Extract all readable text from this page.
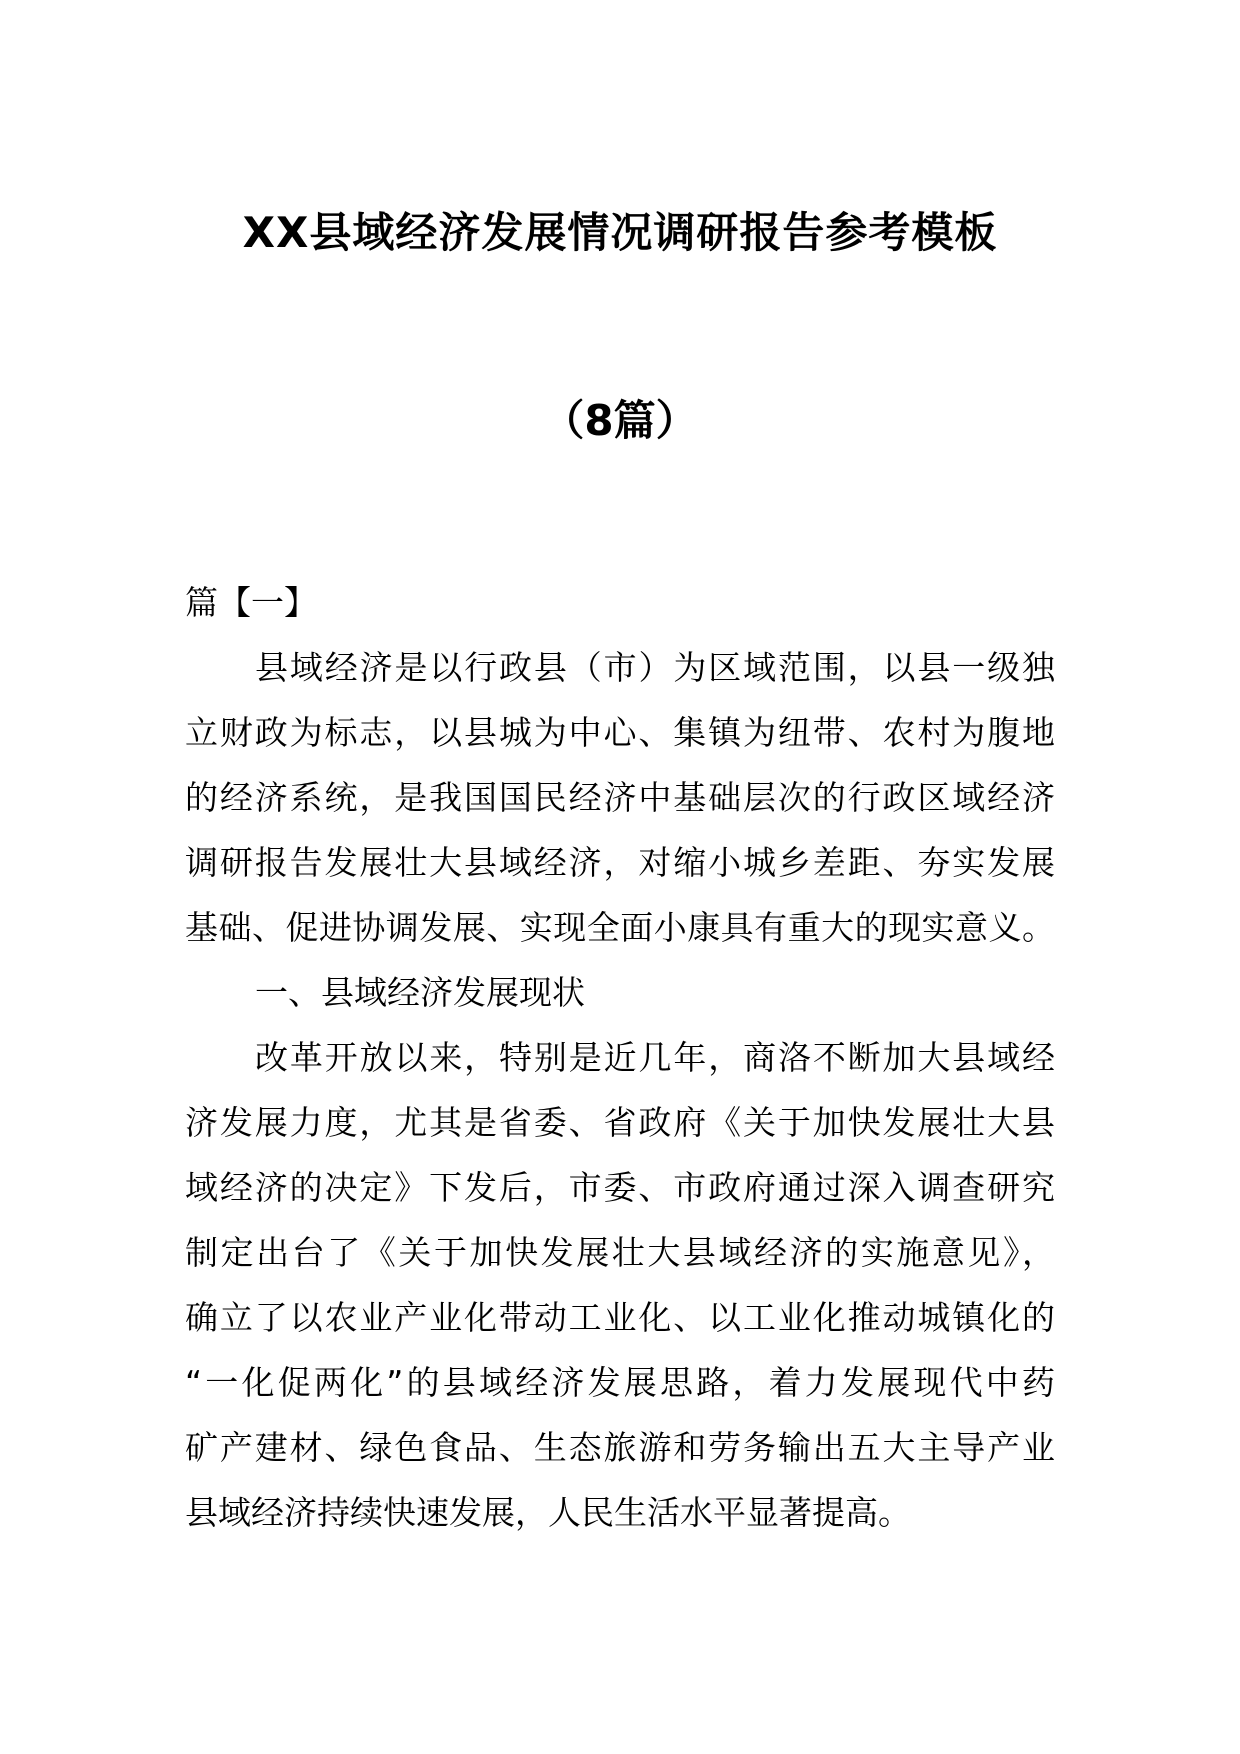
XX县域经济发展情况调研报告参考模板
（8篇）
篇【一】
县域经济是以行政县（市）为区域范围，以县一级独
立财政为标志，以县城为中心、集镇为纽带、农村为腹地
的经济系统，是我国国民经济中基础层次的行政区域经济
调研报告发展壮大县域经济，对缩小城乡差距、夯实发展
基础、促进协调发展、实现全面小康具有重大的现实意义。
一、县域经济发展现状
改革开放以来，特别是近几年，商洛不断加大县域经
济发展力度，尤其是省委、省政府《关于加快发展壮大县
域经济的决定》下发后，市委、市政府通过深入调查研究
制定出台了《关于加快发展壮大县域经济的实施意见》，
确立了以农业产业化带动工业化、以工业化推动城镇化的
“一化促两化”的县域经济发展思路，着力发展现代中药
矿产建材、绿色食品、生态旅游和劳务输出五大主导产业
县域经济持续快速发展，人民生活水平显著提高。
